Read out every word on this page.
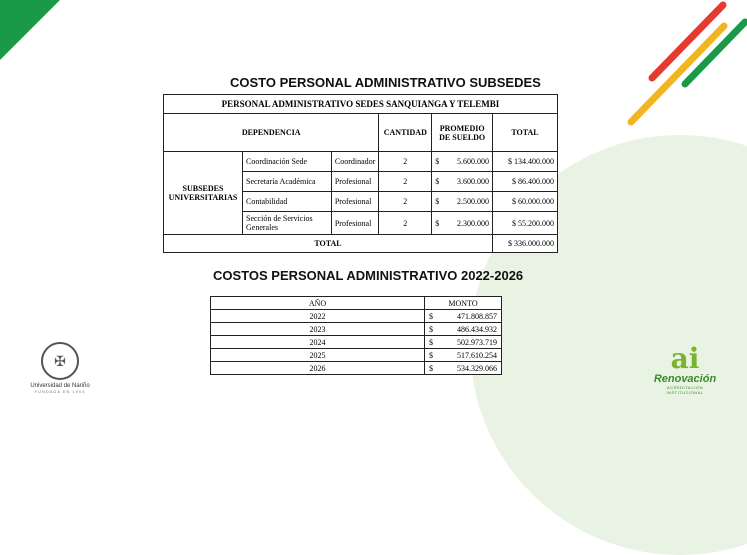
COSTO PERSONAL ADMINISTRATIVO SUBSEDES
PERSONAL ADMINISTRATIVO SEDES SANQUIANGA Y TELEMBI						
DEPENDENCIA			CANTIDAD	PROMEDIO DE SUELDO		TOTAL
SUBSEDES UNIVERSITARIAS	Coordinación Sede	Coordinador	2	$	5.600.000	$ 134.400.000
	Secretaría Académica	Profesional	2	$	3.600.000	$ 86.400.000
	Contabilidad	Profesional	2	$	2.500.000	$ 60.000.000
	Sección de Servicios Generales	Profesional	2	$	2.300.000	$ 55.200.000
TOTAL						$ 336.000.000
COSTOS PERSONAL ADMINISTRATIVO 2022-2026
AÑO	MONTO	
2022	$	471.808.857
2023	$	486.434.932
2024	$	502.973.719
2025	$	517.610.254
2026	$	534.329.066
✠
Universidad de Nariño
FUNDADA EN 1904
ai
Renovación
ACREDITACIÓN INSTITUCIONAL
